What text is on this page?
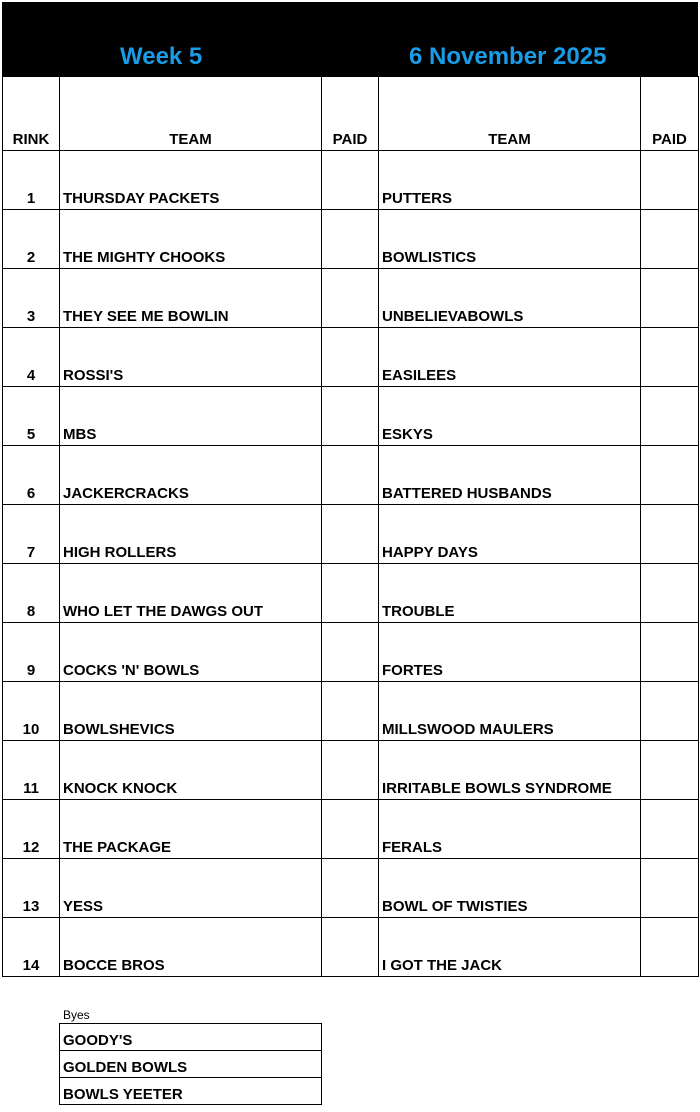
Week 5	6 November 2025
RINK	TEAM	PAID	TEAM	PAID
1	THURSDAY PACKETS		PUTTERS	
2	THE MIGHTY CHOOKS		BOWLISTICS	
3	THEY SEE ME BOWLIN		UNBELIEVABOWLS	
4	ROSSI'S		EASILEES	
5	MBS		ESKYS	
6	JACKERCRACKS		BATTERED HUSBANDS	
7	HIGH ROLLERS		HAPPY DAYS	
8	WHO LET THE DAWGS OUT		TROUBLE	
9	COCKS 'N' BOWLS		FORTES	
10	BOWLSHEVICS		MILLSWOOD MAULERS	
11	KNOCK KNOCK		IRRITABLE BOWLS SYNDROME	
12	THE PACKAGE		FERALS	
13	YESS		BOWL OF TWISTIES	
14	BOCCE BROS		I GOT THE JACK	
Byes
GOODY'S
GOLDEN BOWLS
BOWLS YEETER
